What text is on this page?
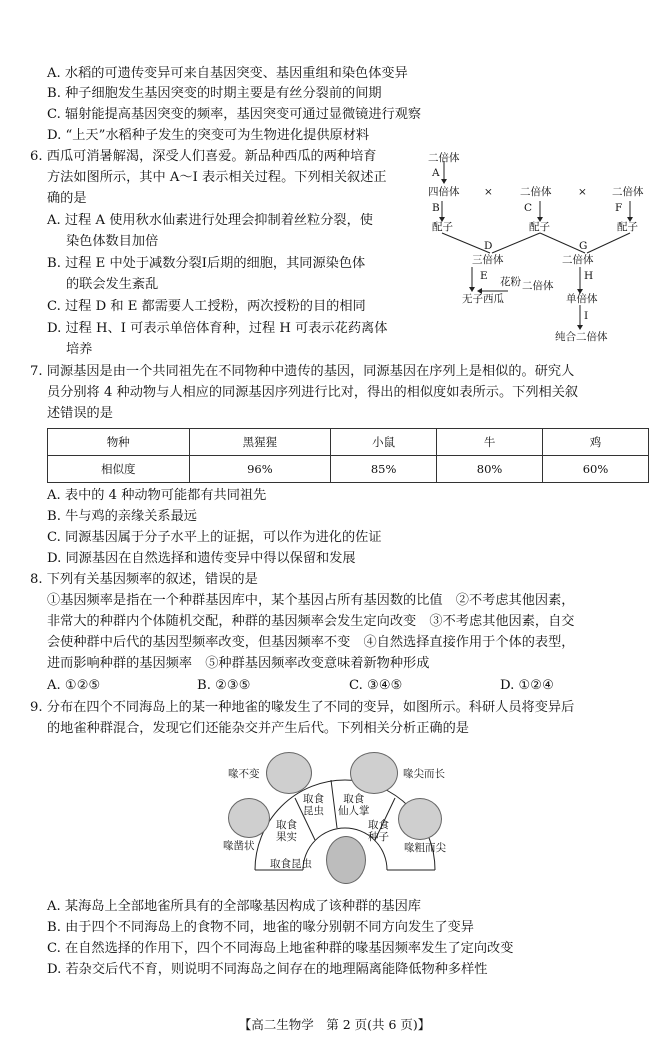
A. 水稻的可遗传变异可来自基因突变、基因重组和染色体变异
B. 种子细胞发生基因突变的时期主要是有丝分裂前的间期
C. 辐射能提高基因突变的频率，基因突变可通过显微镜进行观察
D. “上天”水稻种子发生的突变可为生物进化提供原材料
6. 西瓜可消暑解渴，深受人们喜爱。新品种西瓜的两种培育
方法如图所示，其中 A～I 表示相关过程。下列相关叙述正
确的是
A. 过程 A 使用秋水仙素进行处理会抑制着丝粒分裂，使
染色体数目加倍
B. 过程 E 中处于减数分裂Ⅰ后期的细胞，其同源染色体
的联会发生紊乱
C. 过程 D 和 E 都需要人工授粉，两次授粉的目的相同
D. 过程 H、I 可表示单倍体育种，过程 H 可表示花药离体
培养
二倍体
A
四倍体 ×	二倍体	× 二倍体
B	C	F
配子	配子	配子
D	G
三倍体	二倍体
E 花粉 二倍体
H
无子西瓜	单倍体
I
纯合二倍体
7. 同源基因是由一个共同祖先在不同物种中遗传的基因，同源基因在序列上是相似的。研究人
员分别将 4 种动物与人相应的同源基因序列进行比对，得出的相似度如表所示。下列相关叙
述错误的是
物种	黑猩猩	小鼠	牛	鸡
相似度	96%	85%	80%	60%
A. 表中的 4 种动物可能都有共同祖先
B. 牛与鸡的亲缘关系最远
C. 同源基因属于分子水平上的证据，可以作为进化的佐证
D. 同源基因在自然选择和遗传变异中得以保留和发展
8. 下列有关基因频率的叙述，错误的是
①基因频率是指在一个种群基因库中，某个基因占所有基因数的比值　②不考虑其他因素，
非常大的种群内个体随机交配，种群的基因频率会发生定向改变　③不考虑其他因素，自交
会使种群中后代的基因型频率改变，但基因频率不变　④自然选择直接作用于个体的表型，
进而影响种群的基因频率　⑤种群基因频率改变意味着新物种形成
A. ①②⑤	B. ②③⑤	C. ③④⑤	D. ①②④
9. 分布在四个不同海岛上的某一种地雀的喙发生了不同的变异，如图所示。科研人员将变异后
的地雀种群混合，发现它们还能杂交并产生后代。下列相关分析正确的是
喙不变	喙尖而长
喙凿状	喙粗而尖
取食
昆虫
取食
仙人掌
取食
果实
取食
种子
取食昆虫
A. 某海岛上全部地雀所具有的全部喙基因构成了该种群的基因库
B. 由于四个不同海岛上的食物不同，地雀的喙分别朝不同方向发生了变异
C. 在自然选择的作用下，四个不同海岛上地雀种群的喙基因频率发生了定向改变
D. 若杂交后代不育，则说明不同海岛之间存在的地理隔离能降低物种多样性
【高二生物学　第 2 页(共 6 页)】
